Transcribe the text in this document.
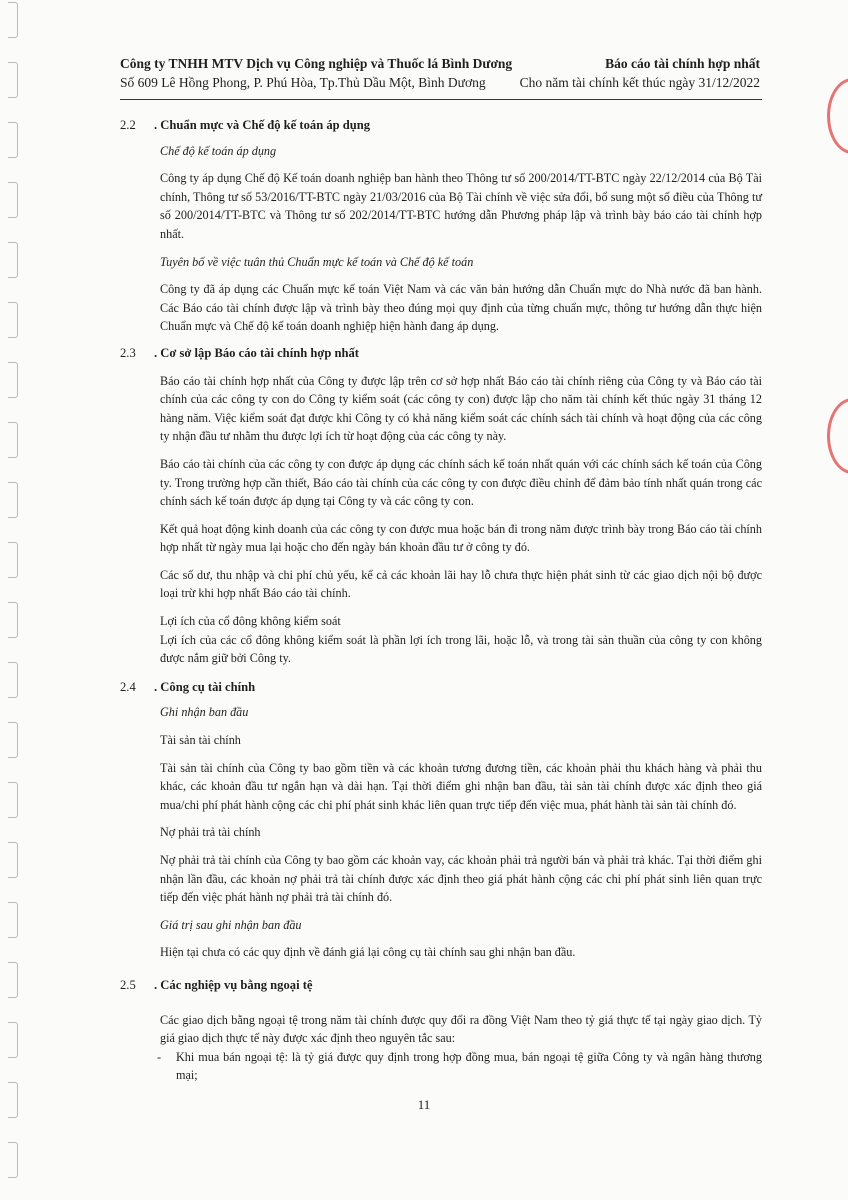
Công ty TNHH MTV Dịch vụ Công nghiệp và Thuốc lá Bình Dương
Số 609 Lê Hồng Phong, P. Phú Hòa, Tp.Thủ Dầu Một, Bình Dương
Báo cáo tài chính hợp nhất
Cho năm tài chính kết thúc ngày 31/12/2022
2.2	. Chuẩn mực và Chế độ kế toán áp dụng

Chế độ kế toán áp dụng

Công ty áp dụng Chế độ Kế toán doanh nghiệp ban hành theo Thông tư số 200/2014/TT-BTC ngày 22/12/2014 của Bộ Tài chính, Thông tư số 53/2016/TT-BTC ngày 21/03/2016 của Bộ Tài chính về việc sửa đổi, bổ sung một số điều của Thông tư số 200/2014/TT-BTC và Thông tư số 202/2014/TT-BTC hướng dẫn Phương pháp lập và trình bày báo cáo tài chính hợp nhất.

Tuyên bố về việc tuân thủ Chuẩn mực kế toán và Chế độ kế toán

Công ty đã áp dụng các Chuẩn mực kế toán Việt Nam và các văn bản hướng dẫn Chuẩn mực do Nhà nước đã ban hành. Các Báo cáo tài chính được lập và trình bày theo đúng mọi quy định của từng chuẩn mực, thông tư hướng dẫn thực hiện Chuẩn mực và Chế độ kế toán doanh nghiệp hiện hành đang áp dụng.

2.3	. Cơ sở lập Báo cáo tài chính hợp nhất

Báo cáo tài chính hợp nhất của Công ty được lập trên cơ sở hợp nhất Báo cáo tài chính riêng của Công ty và Báo cáo tài chính của các công ty con do Công ty kiểm soát (các công ty con) được lập cho năm tài chính kết thúc ngày 31 tháng 12 hàng năm. Việc kiểm soát đạt được khi Công ty có khả năng kiểm soát các chính sách tài chính và hoạt động của các công ty nhận đầu tư nhằm thu được lợi ích từ hoạt động của các công ty này.

Báo cáo tài chính của các công ty con được áp dụng các chính sách kế toán nhất quán với các chính sách kế toán của Công ty. Trong trường hợp cần thiết, Báo cáo tài chính của các công ty con được điều chỉnh để đảm bảo tính nhất quán trong các chính sách kế toán được áp dụng tại Công ty và các công ty con.

Kết quả hoạt động kinh doanh của các công ty con được mua hoặc bán đi trong năm được trình bày trong Báo cáo tài chính hợp nhất từ ngày mua lại hoặc cho đến ngày bán khoản đầu tư ở công ty đó.

Các số dư, thu nhập và chi phí chủ yếu, kể cả các khoản lãi hay lỗ chưa thực hiện phát sinh từ các giao dịch nội bộ được loại trừ khi hợp nhất Báo cáo tài chính.

Lợi ích của cổ đông không kiểm soát

Lợi ích của các cổ đông không kiểm soát là phần lợi ích trong lãi, hoặc lỗ, và trong tài sản thuần của công ty con không được nắm giữ bởi Công ty.

2.4	. Công cụ tài chính

Ghi nhận ban đầu

Tài sản tài chính

Tài sản tài chính của Công ty bao gồm tiền và các khoản tương đương tiền, các khoản phải thu khách hàng và phải thu khác, các khoản đầu tư ngắn hạn và dài hạn. Tại thời điểm ghi nhận ban đầu, tài sản tài chính được xác định theo giá mua/chi phí phát hành cộng các chi phí phát sinh khác liên quan trực tiếp đến việc mua, phát hành tài sản tài chính đó.

Nợ phải trả tài chính

Nợ phải trả tài chính của Công ty bao gồm các khoản vay, các khoản phải trả người bán và phải trả khác. Tại thời điểm ghi nhận lần đầu, các khoản nợ phải trả tài chính được xác định theo giá phát hành cộng các chi phí phát sinh liên quan trực tiếp đến việc phát hành nợ phải trả tài chính đó.

Giá trị sau ghi nhận ban đầu

Hiện tại chưa có các quy định về đánh giá lại công cụ tài chính sau ghi nhận ban đầu.

2.5	. Các nghiệp vụ bằng ngoại tệ

Các giao dịch bằng ngoại tệ trong năm tài chính được quy đổi ra đồng Việt Nam theo tỷ giá thực tế tại ngày giao dịch. Tỷ giá giao dịch thực tế này được xác định theo nguyên tắc sau:

-	Khi mua bán ngoại tệ: là tỷ giá được quy định trong hợp đồng mua, bán ngoại tệ giữa Công ty và ngân hàng thương mại;
11
